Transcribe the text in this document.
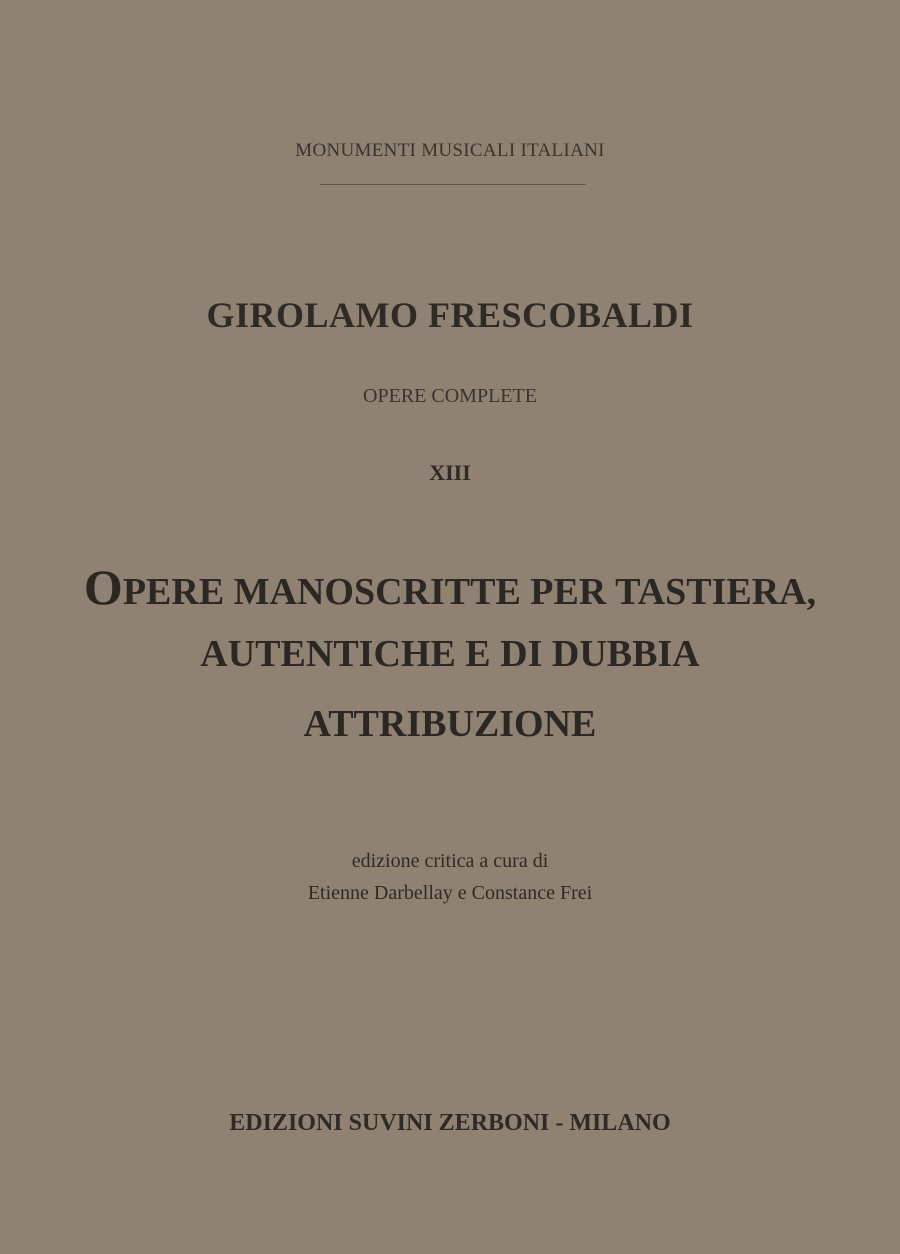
MONUMENTI MUSICALI ITALIANI
GIROLAMO FRESCOBALDI
OPERE COMPLETE
XIII
OPERE MANOSCRITTE PER TASTIERA,
AUTENTICHE E DI DUBBIA
ATTRIBUZIONE
edizione critica a cura di
Etienne Darbellay e Constance Frei
EDIZIONI SUVINI ZERBONI - MILANO
